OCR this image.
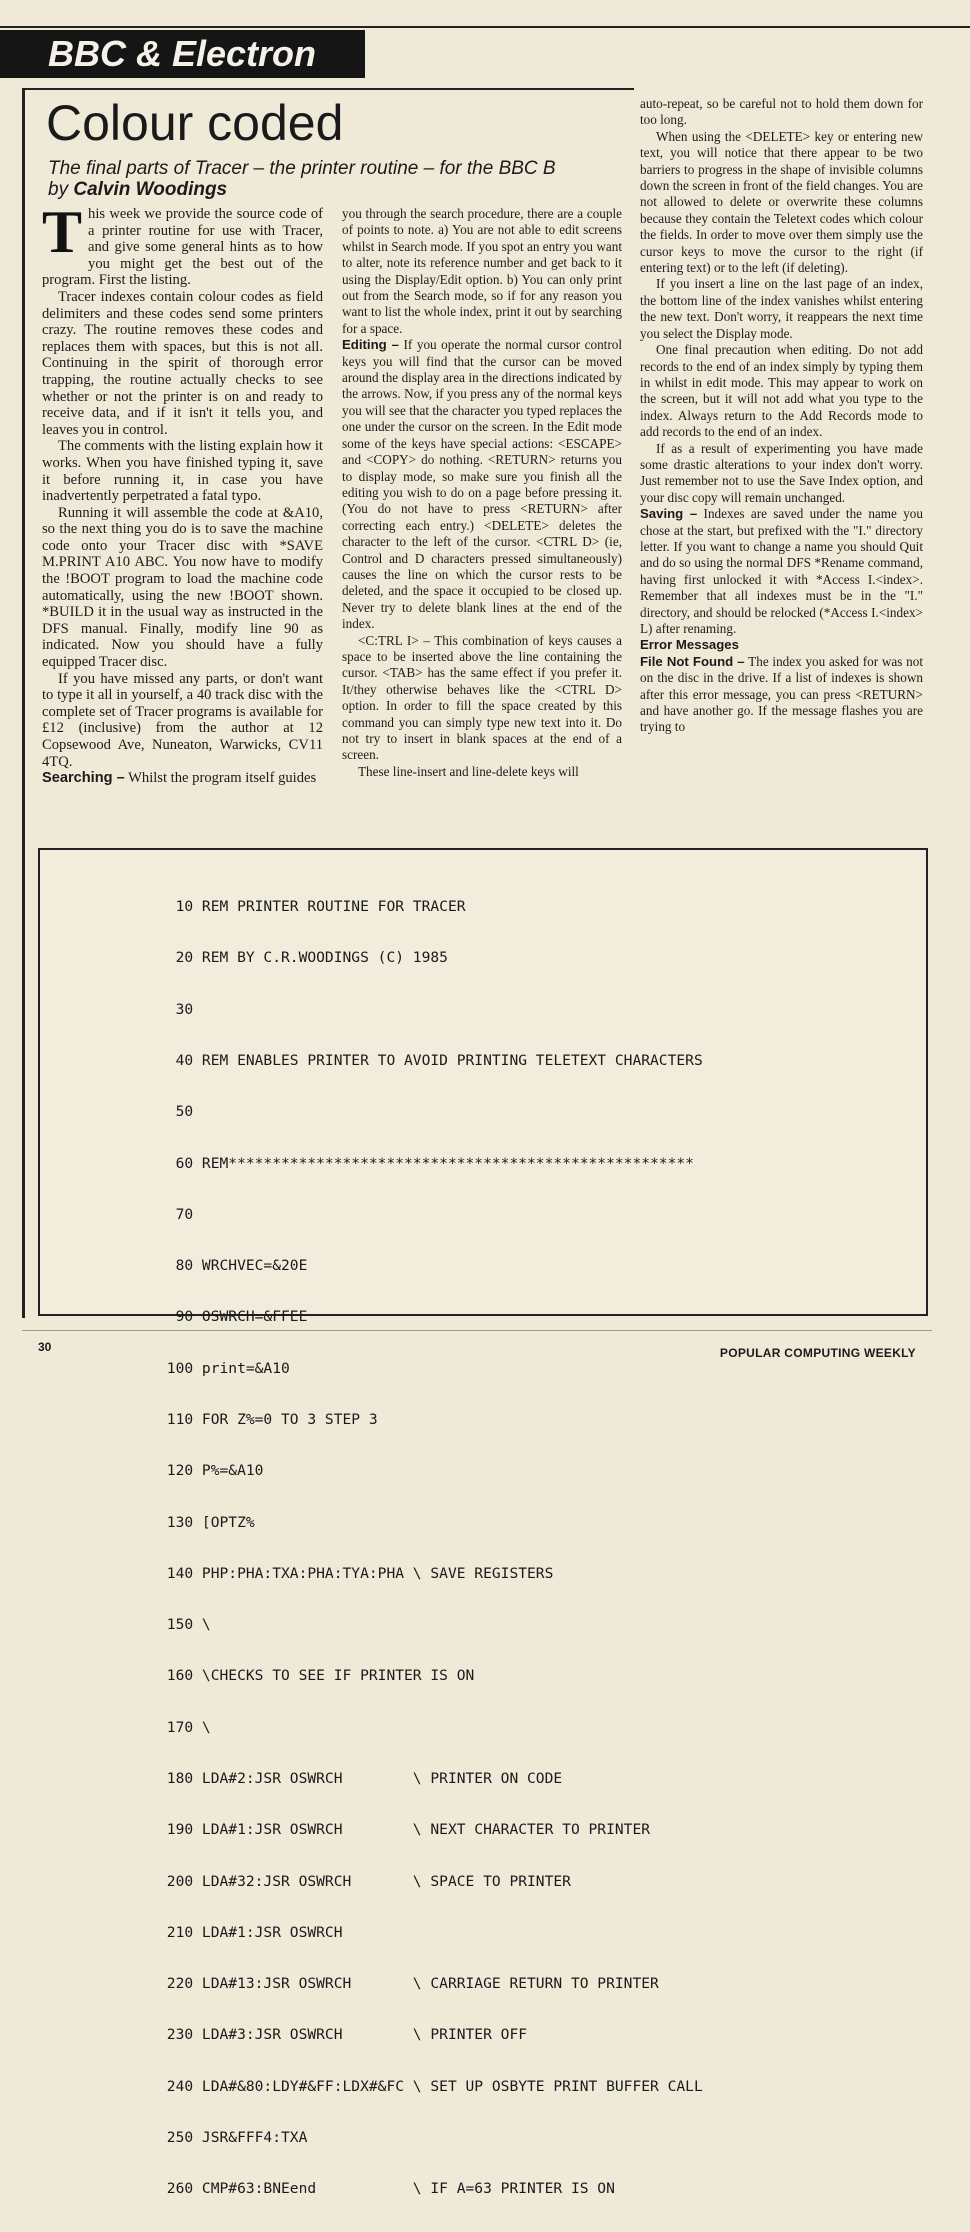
BBC & Electron
Colour coded
The final parts of Tracer – the printer routine – for the BBC B
by Calvin Woodings

This week we provide the source code of a printer routine for use with Tracer, and give some general hints as to how you might get the best out of the program. First the listing.

Tracer indexes contain colour codes as field delimiters and these codes send some printers crazy. The routine removes these codes and replaces them with spaces, but this is not all. Continuing in the spirit of thorough error trapping, the routine actually checks to see whether or not the printer is on and ready to receive data, and if it isn't it tells you, and leaves you in control.

The comments with the listing explain how it works. When you have finished typing it, save it before running it, in case you have inadvertently perpetrated a fatal typo.

Running it will assemble the code at &A10, so the next thing you do is to save the machine code onto your Tracer disc with *SAVE M.PRINT A10 ABC. You now have to modify the !BOOT program to load the machine code automatically, using the new !BOOT shown. *BUILD it in the usual way as instructed in the DFS manual. Finally, modify line 90 as indicated. Now you should have a fully equipped Tracer disc.

If you have missed any parts, or don't want to type it all in yourself, a 40 track disc with the complete set of Tracer programs is available for £12 (inclusive) from the author at 12 Copsewood Ave, Nuneaton, Warwicks, CV11 4TQ.

Searching – Whilst the program itself guides

you through the search procedure, there are a couple of points to note. a) You are not able to edit screens whilst in Search mode. If you spot an entry you want to alter, note its reference number and get back to it using the Display/Edit option. b) You can only print out from the Search mode, so if for any reason you want to list the whole index, print it out by searching for a space.

Editing – If you operate the normal cursor control keys you will find that the cursor can be moved around the display area in the directions indicated by the arrows. Now, if you press any of the normal keys you will see that the character you typed replaces the one under the cursor on the screen. In the Edit mode some of the keys have special actions: <ESCAPE> and <COPY> do nothing. <RETURN> returns you to display mode, so make sure you finish all the editing you wish to do on a page before pressing it. (You do not have to press <RETURN> after correcting each entry.) <DELETE> deletes the character to the left of the cursor. <CTRL D> (ie, Control and D characters pressed simultaneously) causes the line on which the cursor rests to be deleted, and the space it occupied to be closed up. Never try to delete blank lines at the end of the index.

<C:TRL I> – This combination of keys causes a space to be inserted above the line containing the cursor. <TAB> has the same effect if you prefer it. It/they otherwise behaves like the <CTRL D> option. In order to fill the space created by this command you can simply type new text into it. Do not try to insert in blank spaces at the end of a screen.

These line-insert and line-delete keys will

auto-repeat, so be careful not to hold them down for too long.

When using the <DELETE> key or entering new text, you will notice that there appear to be two barriers to progress in the shape of invisible columns down the screen in front of the field changes. You are not allowed to delete or overwrite these columns because they contain the Teletext codes which colour the fields. In order to move over them simply use the cursor keys to move the cursor to the right (if entering text) or to the left (if deleting).

If you insert a line on the last page of an index, the bottom line of the index vanishes whilst entering the new text. Don't worry, it reappears the next time you select the Display mode.

One final precaution when editing. Do not add records to the end of an index simply by typing them in whilst in edit mode. This may appear to work on the screen, but it will not add what you type to the index. Always return to the Add Records mode to add records to the end of an index.

If as a result of experimenting you have made some drastic alterations to your index don't worry. Just remember not to use the Save Index option, and your disc copy will remain unchanged.

Saving – Indexes are saved under the name you chose at the start, but prefixed with the "I." directory letter. If you want to change a name you should Quit and do so using the normal DFS *Rename command, having first unlocked it with *Access I.<index>. Remember that all indexes must be in the "I." directory, and should be relocked (*Access I.<index> L) after renaming.

Error Messages

File Not Found – The index you asked for was not on the disc in the drive. If a list of indexes is shown after this error message, you can press <RETURN> and have another go. If the message flashes you are trying to

10 REM PRINTER ROUTINE FOR TRACER

20 REM BY C.R.WOODINGS (C) 1985

30

40 REM ENABLES PRINTER TO AVOID PRINTING TELETEXT CHARACTERS

50

60 REM*****************************************************

70

80 WRCHVEC=&20E

90 OSWRCH=&FFEE

100 print=&A10

110 FOR Z%=0 TO 3 STEP 3

120 P%=&A10

130 [OPTZ%

140 PHP:PHA:TXA:PHA:TYA:PHA \ SAVE REGISTERS

150 \

160 \CHECKS TO SEE IF PRINTER IS ON

170 \

180 LDA#2:JSR OSWRCH        \ PRINTER ON CODE

190 LDA#1:JSR OSWRCH        \ NEXT CHARACTER TO PRINTER

200 LDA#32:JSR OSWRCH       \ SPACE TO PRINTER

210 LDA#1:JSR OSWRCH

220 LDA#13:JSR OSWRCH       \ CARRIAGE RETURN TO PRINTER

230 LDA#3:JSR OSWRCH        \ PRINTER OFF

240 LDA#&80:LDY#&FF:LDX#&FC \ SET UP OSBYTE PRINT BUFFER CALL

250 JSR&FFF4:TXA

260 CMP#63:BNEend           \ IF A=63 PRINTER IS ON

30	POPULAR COMPUTING WEEKLY
